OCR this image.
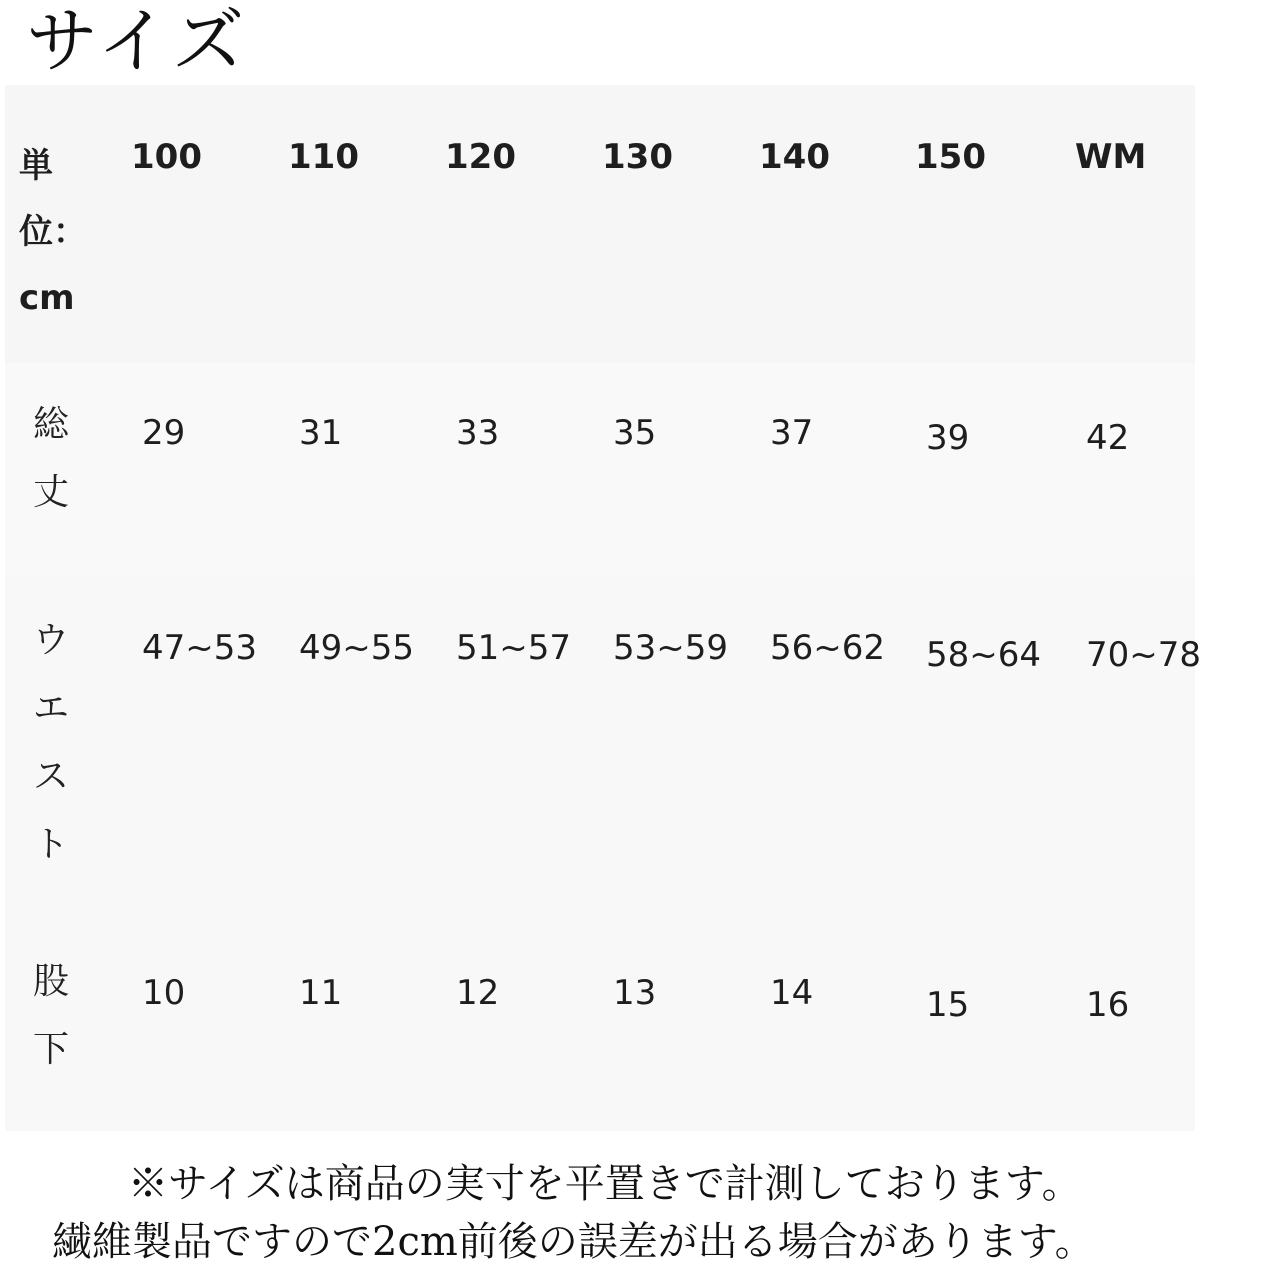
サイズ
単位：cm
100	110	120	130	140	150	WM
総丈
29	31	33	35	37	39	42
ウエスト
47~53 49~55 51~57 53~59 56~62 58~64 70~78
股下
10	11	12	13	14	15	16
※サイズは商品の実寸を平置きで計測しております。
繊維製品ですので2cm前後の誤差が出る場合があります。
